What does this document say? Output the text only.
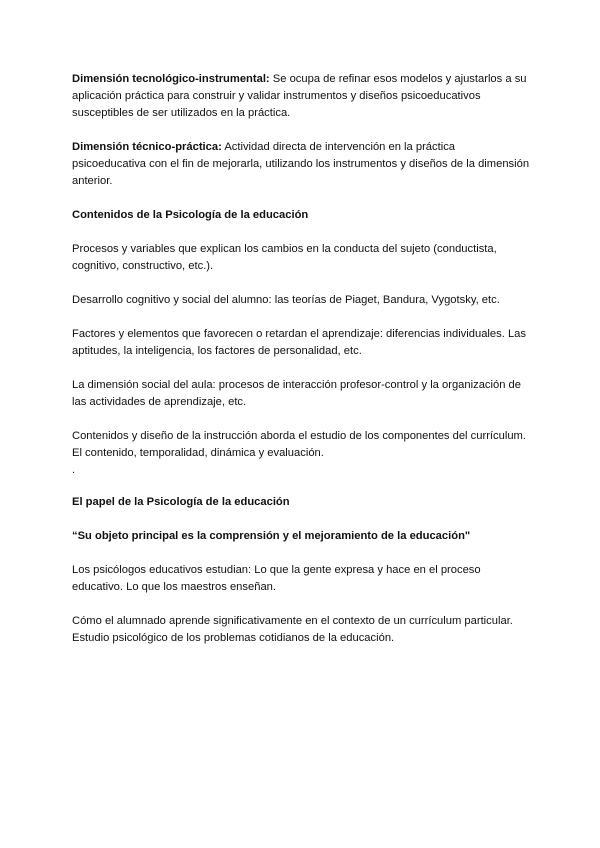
Dimensión tecnológico-instrumental: Se ocupa de refinar esos modelos y ajustarlos a su aplicación práctica para construir y validar instrumentos y diseños psicoeducativos susceptibles de ser utilizados en la práctica.

Dimensión técnico-práctica: Actividad directa de intervención en la práctica psicoeducativa con el fin de mejorarla, utilizando los instrumentos y diseños de la dimensión anterior.

Contenidos de la Psicología de la educación

Procesos y variables que explican los cambios en la conducta del sujeto (conductista, cognitivo, constructivo, etc.).

Desarrollo cognitivo y social del alumno: las teorías de Piaget, Bandura, Vygotsky, etc.

Factores y elementos que favorecen o retardan el aprendizaje: diferencias individuales. Las aptitudes, la inteligencia, los factores de personalidad, etc.

La dimensión social del aula: procesos de interacción profesor-control y la organización de las actividades de aprendizaje, etc.

Contenidos y diseño de la instrucción aborda el estudio de los componentes del currículum. El contenido, temporalidad, dinámica y evaluación.

.

El papel de la Psicología de la educación

“Su objeto principal es la comprensión y el mejoramiento de la educación"

Los psicólogos educativos estudian: Lo que la gente expresa y hace en el proceso educativo. Lo que los maestros enseñan.

Cómo el alumnado aprende significativamente en el contexto de un currículum particular. Estudio psicológico de los problemas cotidianos de la educación.
